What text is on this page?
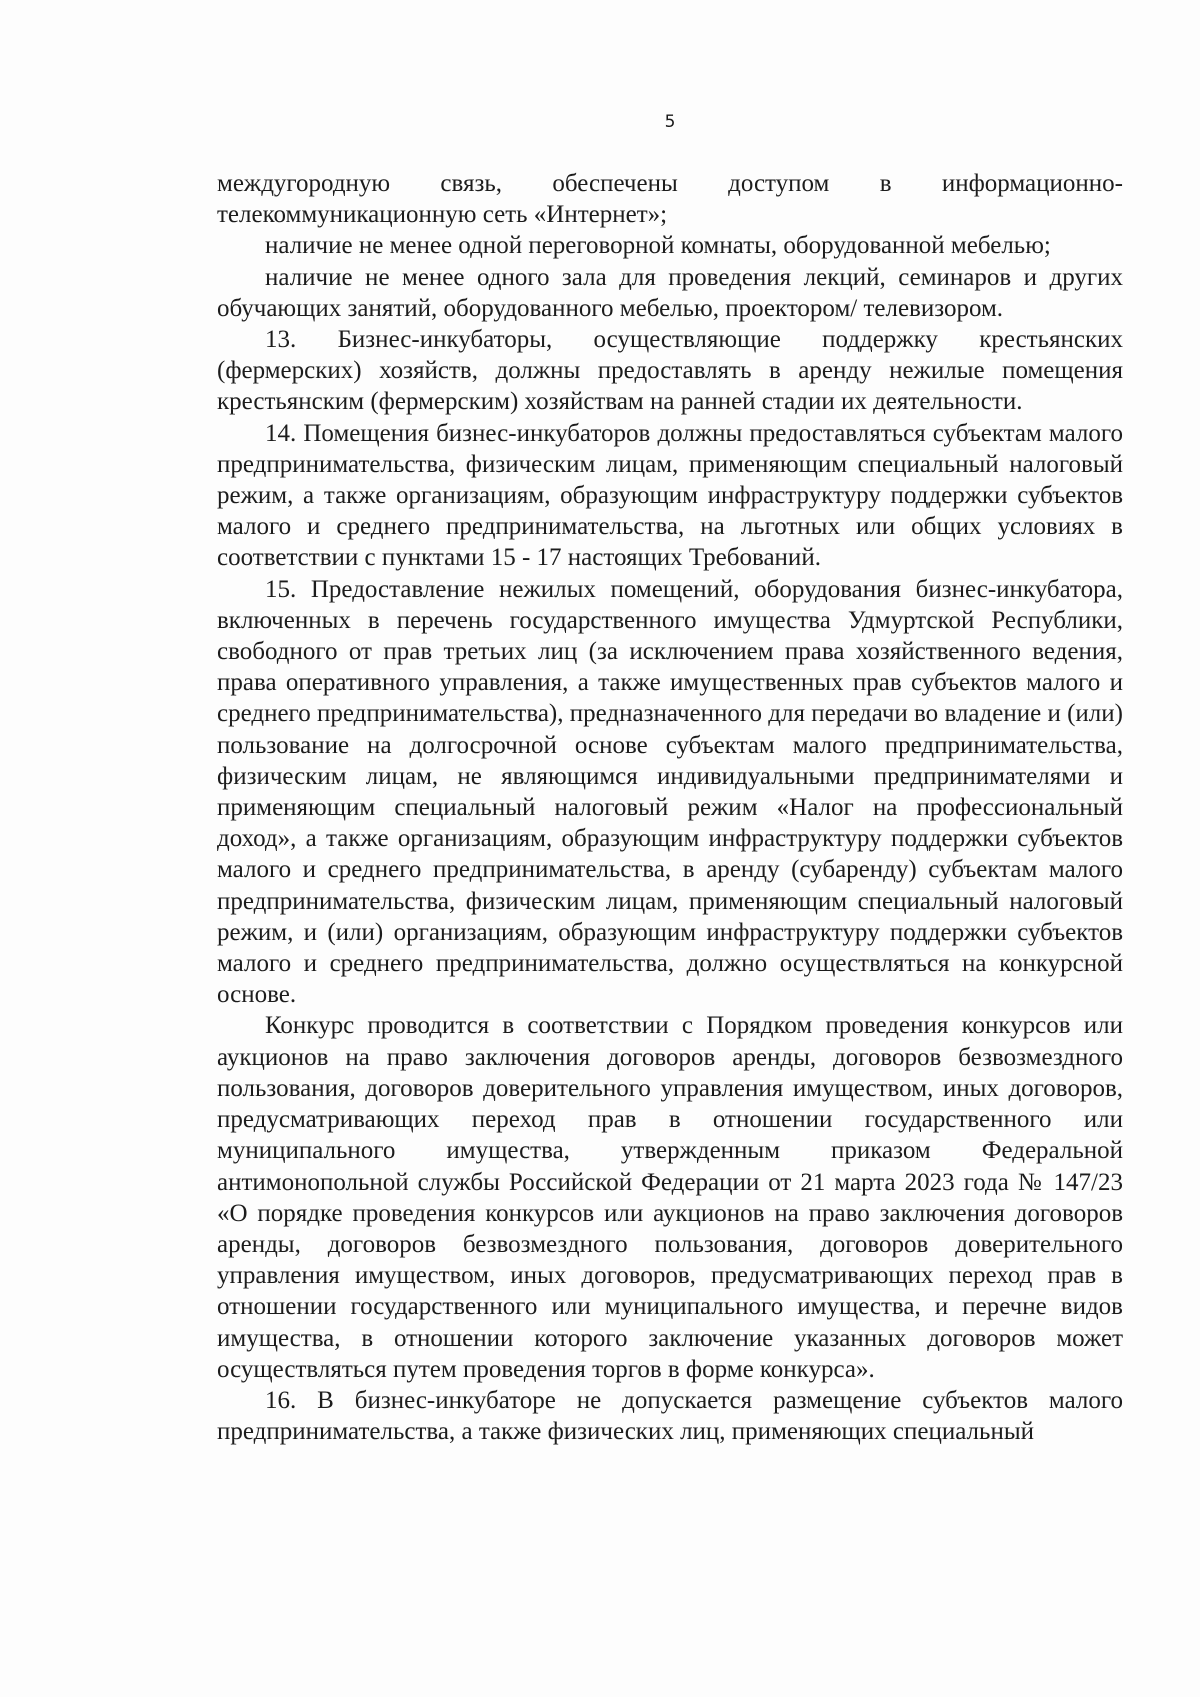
5

междугородную связь, обеспечены доступом в информационно-телекоммуникационную сеть «Интернет»;

наличие не менее одной переговорной комнаты, оборудованной мебелью;

наличие не менее одного зала для проведения лекций, семинаров и других обучающих занятий, оборудованного мебелью, проектором/ телевизором.

13. Бизнес-инкубаторы, осуществляющие поддержку крестьянских (фермерских) хозяйств, должны предоставлять в аренду нежилые помещения крестьянским (фермерским) хозяйствам на ранней стадии их деятельности.

14. Помещения бизнес-инкубаторов должны предоставляться субъектам малого предпринимательства, физическим лицам, применяющим специальный налоговый режим, а также организациям, образующим инфраструктуру поддержки субъектов малого и среднего предпринимательства, на льготных или общих условиях в соответствии с пунктами 15 - 17 настоящих Требований.

15. Предоставление нежилых помещений, оборудования бизнес-инкубатора, включенных в перечень государственного имущества Удмуртской Республики, свободного от прав третьих лиц (за исключением права хозяйственного ведения, права оперативного управления, а также имущественных прав субъектов малого и среднего предпринимательства), предназначенного для передачи во владение и (или) пользование на долгосрочной основе субъектам малого предпринимательства, физическим лицам, не являющимся индивидуальными предпринимателями и применяющим специальный налоговый режим «Налог на профессиональный доход», а также организациям, образующим инфраструктуру поддержки субъектов малого и среднего предпринимательства, в аренду (субаренду) субъектам малого предпринимательства, физическим лицам, применяющим специальный налоговый режим, и (или) организациям, образующим инфраструктуру поддержки субъектов малого и среднего предпринимательства, должно осуществляться на конкурсной основе.

Конкурс проводится в соответствии с Порядком проведения конкурсов или аукционов на право заключения договоров аренды, договоров безвозмездного пользования, договоров доверительного управления имуществом, иных договоров, предусматривающих переход прав в отношении государственного или муниципального имущества, утвержденным приказом Федеральной антимонопольной службы Российской Федерации от 21 марта 2023 года № 147/23 «О порядке проведения конкурсов или аукционов на право заключения договоров аренды, договоров безвозмездного пользования, договоров доверительного управления имуществом, иных договоров, предусматривающих переход прав в отношении государственного или муниципального имущества, и перечне видов имущества, в отношении которого заключение указанных договоров может осуществляться путем проведения торгов в форме конкурса».

16. В бизнес-инкубаторе не допускается размещение субъектов малого предпринимательства, а также физических лиц, применяющих специальный
